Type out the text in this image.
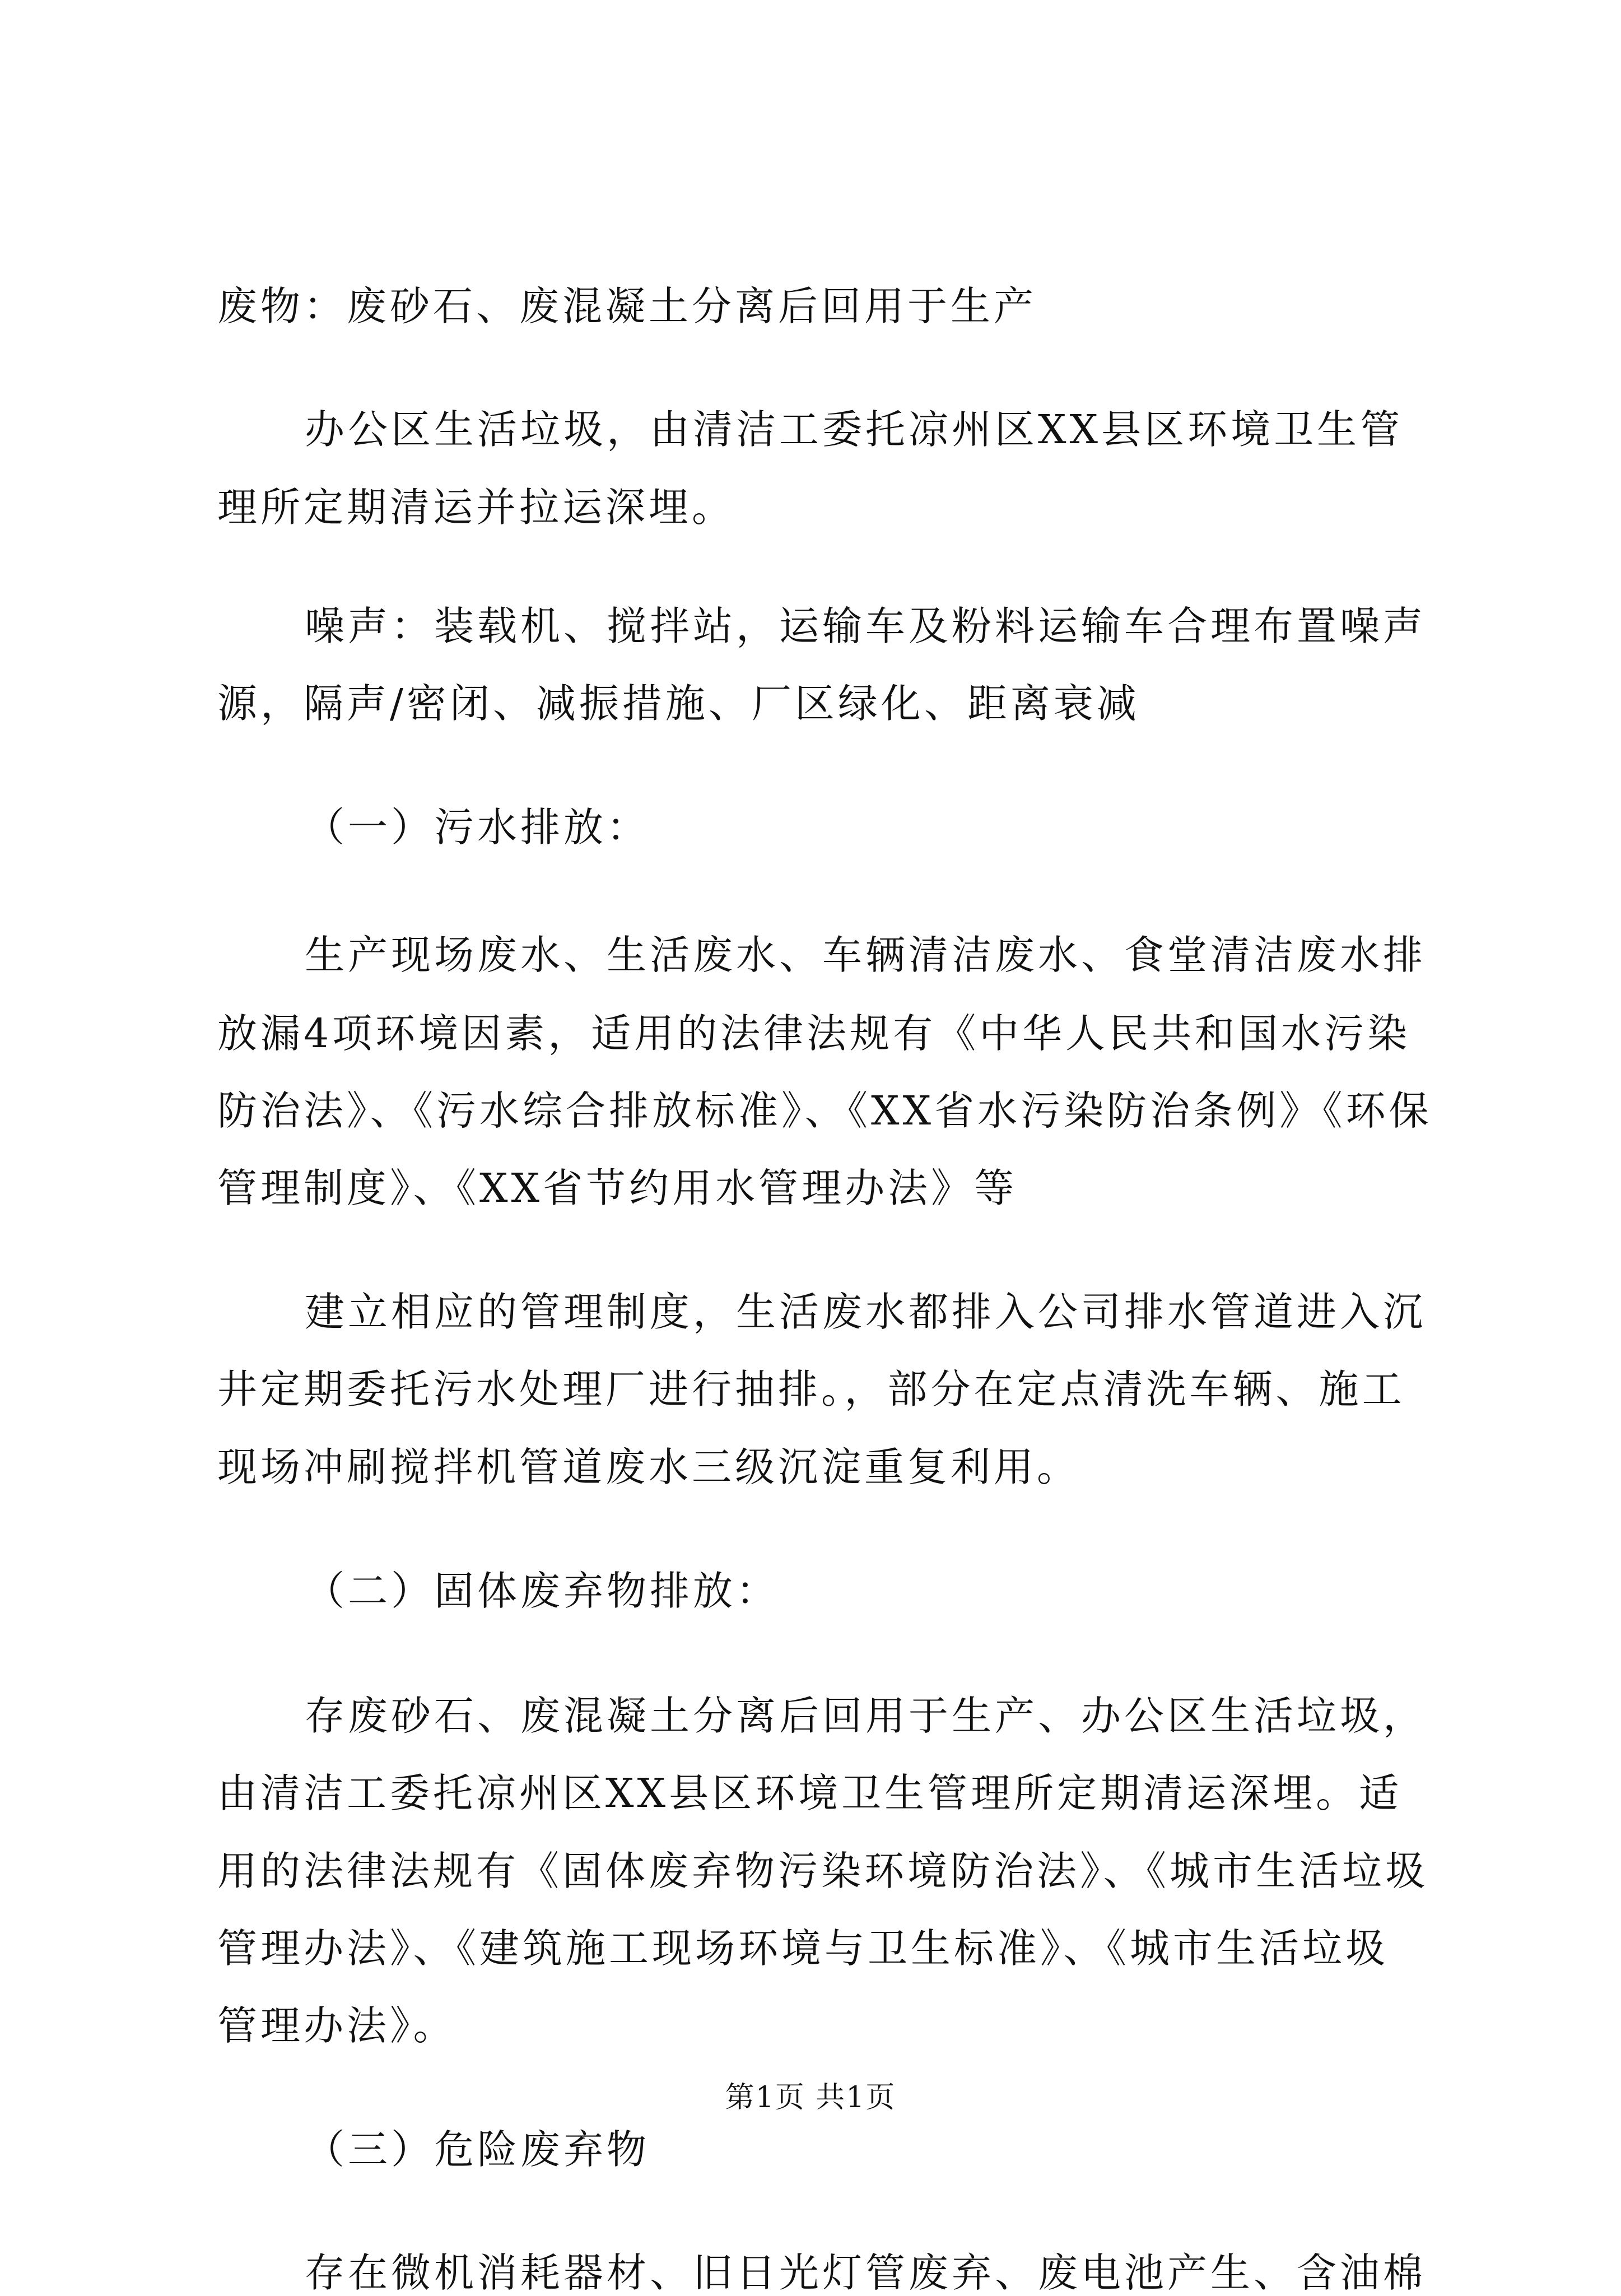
废物：废砂石、废混凝土分离后回用于生产
办公区生活垃圾，由清洁工委托凉州区XX县区环境卫生管
理所定期清运并拉运深埋。
噪声：装载机、搅拌站，运输车及粉料运输车合理布置噪声
源，隔声/密闭、减振措施、厂区绿化、距离衰减
（一）污水排放：
生产现场废水、生活废水、车辆清洁废水、食堂清洁废水排
放漏4项环境因素，适用的法律法规有《中华人民共和国水污染
防治法》、《污水综合排放标准》、《XX省水污染防治条例》《环保
管理制度》、《XX省节约用水管理办法》等
建立相应的管理制度，生活废水都排入公司排水管道进入沉
井定期委托污水处理厂进行抽排。，部分在定点清洗车辆、施工
现场冲刷搅拌机管道废水三级沉淀重复利用。
（二）固体废弃物排放：
存废砂石、废混凝土分离后回用于生产、办公区生活垃圾，
由清洁工委托凉州区XX县区环境卫生管理所定期清运深埋。适
用的法律法规有《固体废弃物污染环境防治法》、《城市生活垃圾
管理办法》、《建筑施工现场环境与卫生标准》、《城市生活垃圾
管理办法》。
（三）危险废弃物
存在微机消耗器材、旧日光灯管废弃、废电池产生、含油棉
第1页 共1页
